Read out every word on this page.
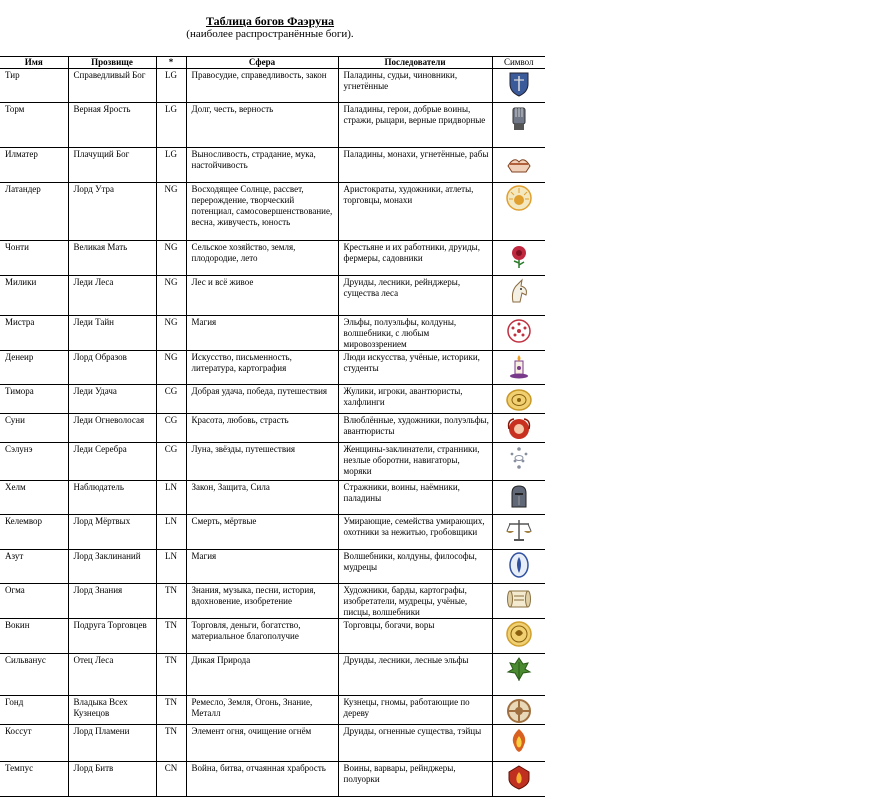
Таблица богов Фаэруна
(наиболее распространённые боги).
Имя	Прозвище	*	Сфера	Последователи	Символ
Тир	Справедливый Бог	LG	Правосудие, справедливость, закон	Паладины, судьи, чиновники, угнетённые	

Торм	Верная Ярость	LG	Долг, честь, верность	Паладины, герои, добрые воины, стражи, рыцари, верные придворные	

Илматер	Плачущий Бог	LG	Выносливость, страдание, мука, настойчивость	Паладины, монахи, угнетённые, рабы	

Латандер	Лорд Утра	NG	Восходящее Солнце, рассвет, перерождение, творческий потенциал, самосовершенствование, весна, живучесть, юность	Аристократы, художники, атлеты, торговцы, монахи	

Чонти	Великая Мать	NG	Сельское хозяйство, земля, плодородие, лето	Крестьяне и их работники, друиды, фермеры, садовники	

Милики	Леди Леса	NG	Лес и всё живое	Друиды, лесники, рейнджеры, существа леса	

Мистра	Леди Тайн	NG	Магия	Эльфы, полуэльфы, колдуны, волшебники, с любым мировоззрением	

Денеир	Лорд Образов	NG	Искусство, письменность, литература, картография	Люди искусства, учёные, историки, студенты	

Тимора	Леди Удача	CG	Добрая удача, победа, путешествия	Жулики, игроки, авантюристы, халфлинги	

Суни	Леди Огневолосая	CG	Красота, любовь, страсть	Влюблённые, художники, полуэльфы, авантюристы	

Сэлунэ	Леди Серебра	CG	Луна, звёзды, путешествия	Женщины-заклинатели, странники, незлые оборотни, навигаторы, моряки	

Хелм	Наблюдатель	LN	Закон, Защита, Сила	Стражники, воины, наёмники, паладины	

Келемвор	Лорд Мёртвых	LN	Смерть, мёртвые	Умирающие, семейства умирающих, охотники за нежитью, гробовщики	

Азут	Лорд Заклинаний	LN	Магия	Волшебники, колдуны, философы, мудрецы	

Огма	Лорд Знания	TN	Знания, музыка, песни, история, вдохновение, изобретение	Художники, барды, картографы, изобретатели, мудрецы, учёные, писцы, волшебники	

Вокин	Подруга Торговцев	TN	Торговля, деньги, богатство, материальное благополучие	Торговцы, богачи, воры	

Сильванус	Отец Леса	TN	Дикая Природа	Друиды, лесники, лесные эльфы	

Гонд	Владыка Всех Кузнецов	TN	Ремесло, Земля, Огонь, Знание, Металл	Кузнецы, гномы, работающие по дереву	

Коссут	Лорд Пламени	TN	Элемент огня, очищение огнём	Друиды, огненные существа, тэйцы	

Темпус	Лорд Битв	CN	Война, битва, отчаянная храбрость	Воины, варвары, рейнджеры, полуорки	
